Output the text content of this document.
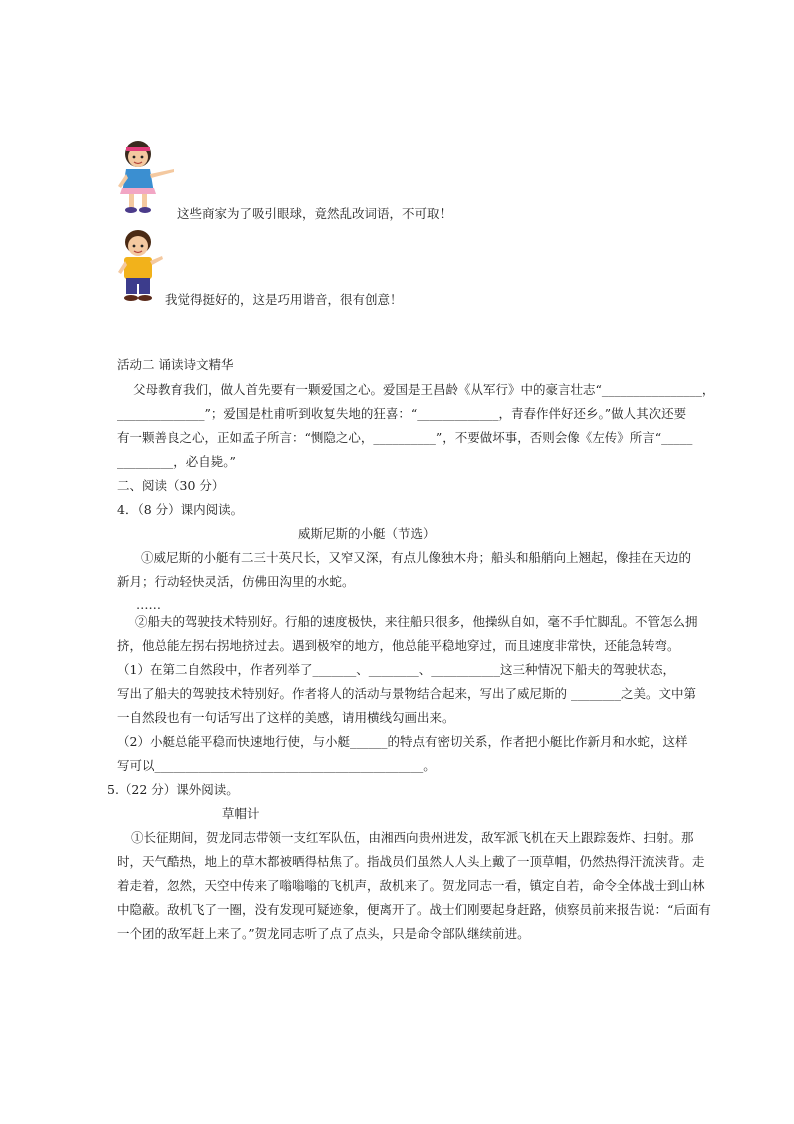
这些商家为了吸引眼球，竟然乱改词语，不可取！
我觉得挺好的，这是巧用谐音，很有创意！
活动二 诵读诗文精华
父母教育我们，做人首先要有一颗爱国之心。爱国是王昌龄《从军行》中的豪言壮志“________________，
______________”；爱国是杜甫听到收复失地的狂喜：“_____________，青春作伴好还乡。”做人其次还要
有一颗善良之心，正如孟子所言：“恻隐之心，__________”，不要做坏事，否则会像《左传》所言“_____
_________，必自毙。”
二、阅读（30 分）
4．（8 分）课内阅读。
威斯尼斯的小艇（节选）
①威尼斯的小艇有二三十英尺长，又窄又深，有点儿像独木舟；船头和船艄向上翘起，像挂在天边的
新月；行动轻快灵活，仿佛田沟里的水蛇。
……
②船夫的驾驶技术特别好。行船的速度极快，来往船只很多，他操纵自如，毫不手忙脚乱。不管怎么拥
挤，他总能左拐右拐地挤过去。遇到极窄的地方，他总能平稳地穿过，而且速度非常快，还能急转弯。
（1）在第二自然段中，作者列举了_______、________、___________这三种情况下船夫的驾驶状态，
写出了船夫的驾驶技术特别好。作者将人的活动与景物结合起来，写出了威尼斯的 ________之美。文中第
一自然段也有一句话写出了这样的美感，请用横线勾画出来。
（2）小艇总能平稳而快速地行使，与小艇______的特点有密切关系，作者把小艇比作新月和水蛇，这样
写可以___________________________________________。
5.（22 分）课外阅读。
草帽计
①长征期间，贺龙同志带领一支红军队伍，由湘西向贵州进发，敌军派飞机在天上跟踪轰炸、扫射。那
时，天气酷热，地上的草木都被晒得枯焦了。指战员们虽然人人头上戴了一顶草帽，仍然热得汗流浃背。走
着走着，忽然，天空中传来了嗡嗡嗡的飞机声，敌机来了。贺龙同志一看，镇定自若，命令全体战士到山林
中隐蔽。敌机飞了一圈，没有发现可疑迹象，便离开了。战士们刚要起身赶路，侦察员前来报告说：“后面有
一个团的敌军赶上来了。”贺龙同志听了点了点头，只是命令部队继续前进。
